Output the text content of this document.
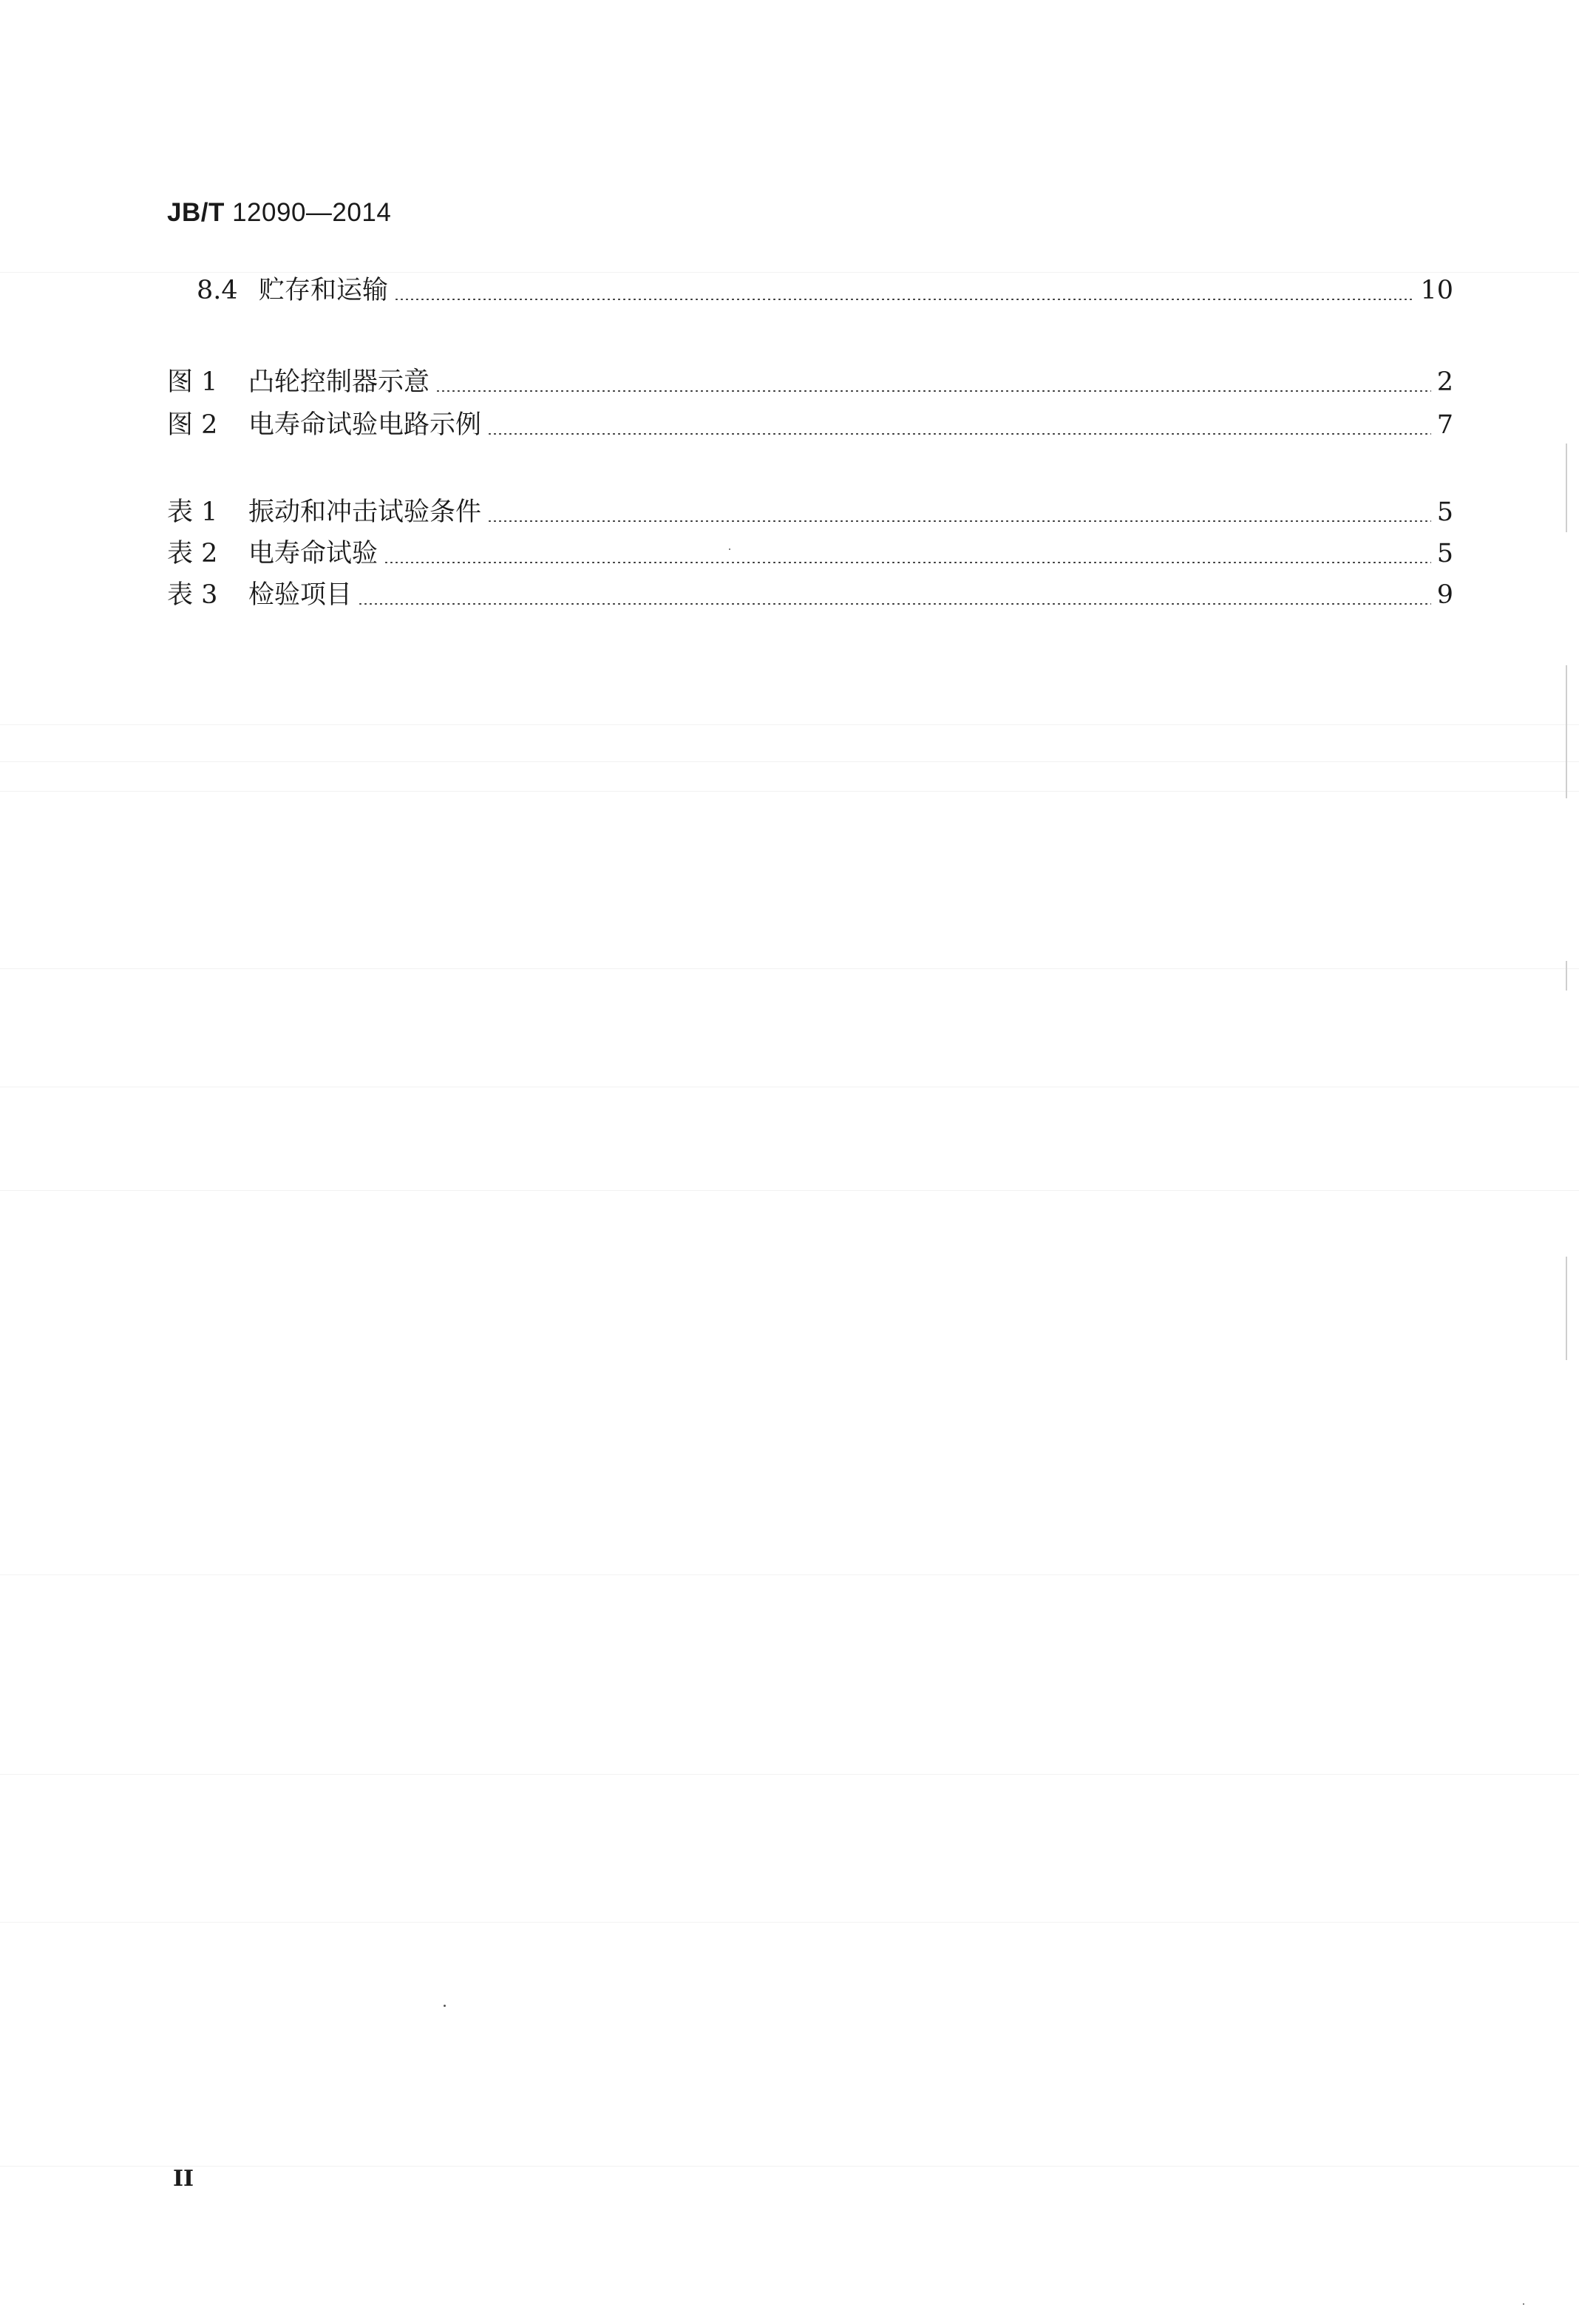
JB/T 12090—2014
8.4 贮存和运输	10
图 1	凸轮控制器示意	2
图 2	电寿命试验电路示例	7
表 1	振动和冲击试验条件	5
表 2	电寿命试验	5
表 3	检验项目	9
II
